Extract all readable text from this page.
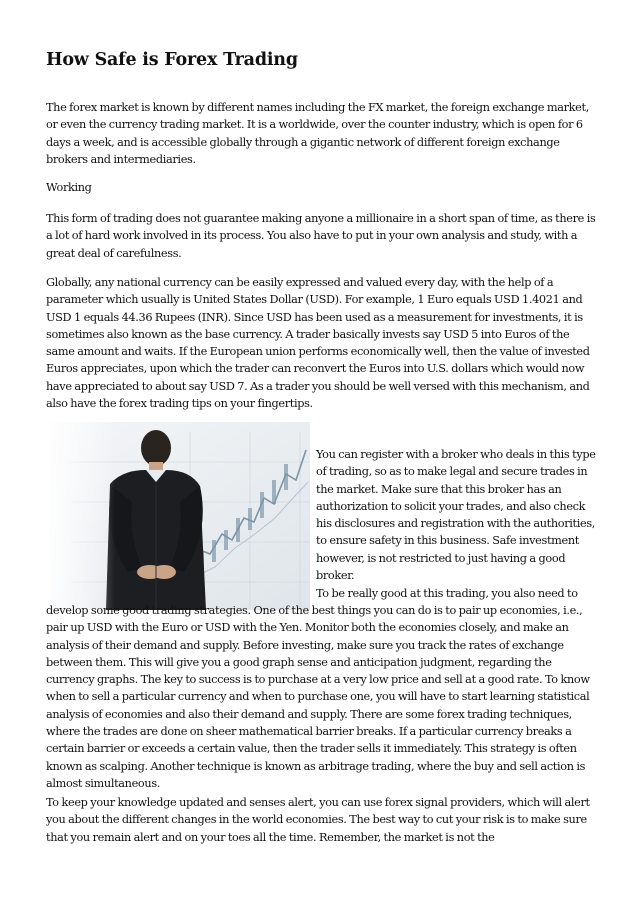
How Safe is Forex Trading

The forex market is known by different names including the FX market, the foreign exchange market, or even the currency trading market. It is a worldwide, over the counter industry, which is open for 6 days a week, and is accessible globally through a gigantic network of different foreign exchange brokers and intermediaries.

Working

This form of trading does not guarantee making anyone a millionaire in a short span of time, as there is a lot of hard work involved in its process. You also have to put in your own analysis and study, with a great deal of carefulness.

Globally, any national currency can be easily expressed and valued every day, with the help of a parameter which usually is United States Dollar (USD). For example, 1 Euro equals USD 1.4021 and USD 1 equals 44.36 Rupees (INR). Since USD has been used as a measurement for investments, it is sometimes also known as the base currency. A trader basically invests say USD 5 into Euros of the same amount and waits. If the European union performs economically well, then the value of invested Euros appreciates, upon which the trader can reconvert the Euros into U.S. dollars which would now have appreciated to about say USD 7. As a trader you should be well versed with this mechanism, and also have the forex trading tips on your fingertips.

You can register with a broker who deals in this type of trading, so as to make legal and secure trades in the market. Make sure that this broker has an authorization to solicit your trades, and also check his disclosures and registration with the authorities, to ensure safety in this business. Safe investment however, is not restricted to just having a good broker.

To be really good at this trading, you also need to

develop some good trading strategies. One of the best things you can do is to pair up economies, i.e., pair up USD with the Euro or USD with the Yen. Monitor both the economies closely, and make an analysis of their demand and supply. Before investing, make sure you track the rates of exchange between them. This will give you a good graph sense and anticipation judgment, regarding the currency graphs. The key to success is to purchase at a very low price and sell at a good rate. To know when to sell a particular currency and when to purchase one, you will have to start learning statistical analysis of economies and also their demand and supply. There are some forex trading techniques, where the trades are done on sheer mathematical barrier breaks. If a particular currency breaks a certain barrier or exceeds a certain value, then the trader sells it immediately. This strategy is often known as scalping. Another technique is known as arbitrage trading, where the buy and sell action is almost simultaneous.

To keep your knowledge updated and senses alert, you can use forex signal providers, which will alert you about the different changes in the world economies. The best way to cut your risk is to make sure that you remain alert and on your toes all the time. Remember, the market is not the
